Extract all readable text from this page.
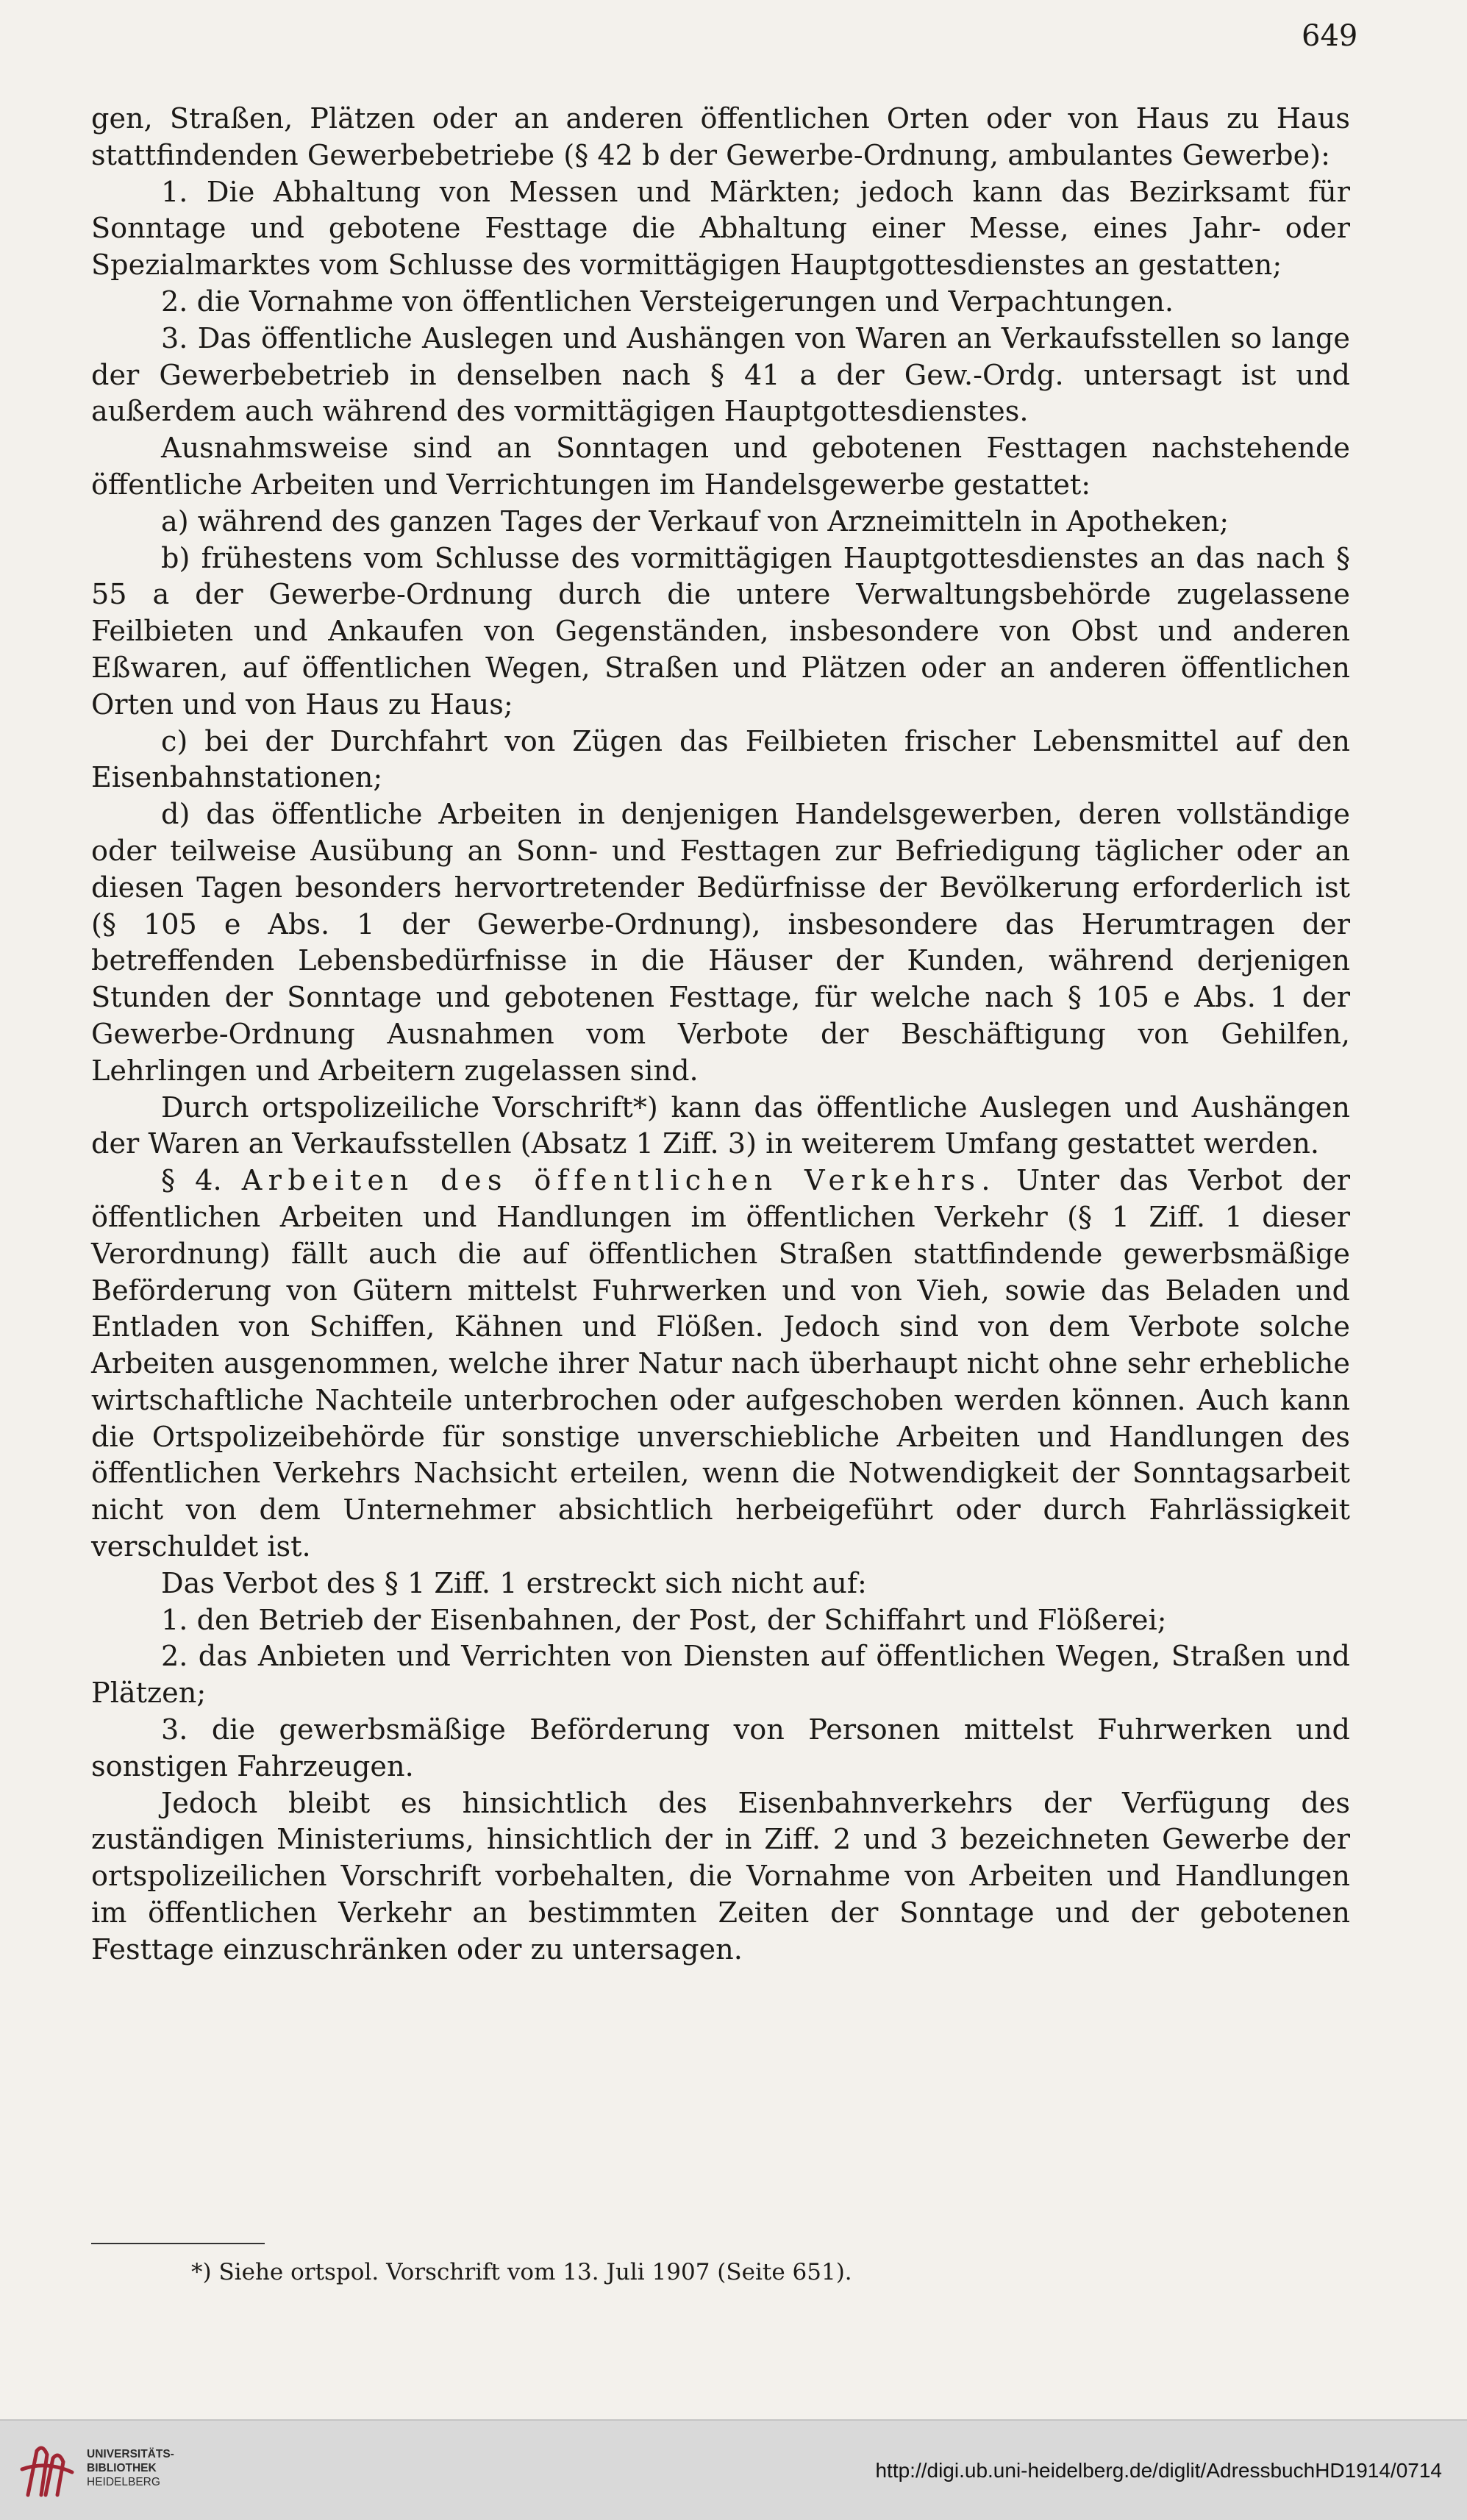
649

gen, Straßen, Plätzen oder an anderen öffentlichen Orten oder von Haus zu Haus stattfindenden Gewerbebetriebe (§ 42 b der Gewerbe-Ordnung, ambulantes Gewerbe):

1. Die Abhaltung von Messen und Märkten; jedoch kann das Bezirksamt für Sonntage und gebotene Festtage die Abhaltung einer Messe, eines Jahr- oder Spezialmarktes vom Schlusse des vormittägigen Hauptgottesdienstes an gestatten;

2. die Vornahme von öffentlichen Versteigerungen und Verpachtungen.

3. Das öffentliche Auslegen und Aushängen von Waren an Verkaufsstellen so lange der Gewerbebetrieb in denselben nach § 41 a der Gew.-Ordg. untersagt ist und außerdem auch während des vormittägigen Hauptgottesdienstes.

Ausnahmsweise sind an Sonntagen und gebotenen Festtagen nachstehende öffentliche Arbeiten und Verrichtungen im Handelsgewerbe gestattet:

a) während des ganzen Tages der Verkauf von Arzneimitteln in Apotheken;

b) frühestens vom Schlusse des vormittägigen Hauptgottesdienstes an das nach § 55 a der Gewerbe-Ordnung durch die untere Verwaltungsbehörde zugelassene Feilbieten und Ankaufen von Gegenständen, insbesondere von Obst und anderen Eßwaren, auf öffentlichen Wegen, Straßen und Plätzen oder an anderen öffentlichen Orten und von Haus zu Haus;

c) bei der Durchfahrt von Zügen das Feilbieten frischer Lebensmittel auf den Eisenbahnstationen;

d) das öffentliche Arbeiten in denjenigen Handelsgewerben, deren vollständige oder teilweise Ausübung an Sonn- und Festtagen zur Befriedigung täglicher oder an diesen Tagen besonders hervortretender Bedürfnisse der Bevölkerung erforderlich ist (§ 105 e Abs. 1 der Gewerbe-Ordnung), insbesondere das Herumtragen der betreffenden Lebensbedürfnisse in die Häuser der Kunden, während derjenigen Stunden der Sonntage und gebotenen Festtage, für welche nach § 105 e Abs. 1 der Gewerbe-Ordnung Ausnahmen vom Verbote der Beschäftigung von Gehilfen, Lehrlingen und Arbeitern zugelassen sind.

Durch ortspolizeiliche Vorschrift*) kann das öffentliche Auslegen und Aushängen der Waren an Verkaufsstellen (Absatz 1 Ziff. 3) in weiterem Umfang gestattet werden.

§ 4. Arbeiten des öffentlichen Verkehrs. Unter das Verbot der öffentlichen Arbeiten und Handlungen im öffentlichen Verkehr (§ 1 Ziff. 1 dieser Verordnung) fällt auch die auf öffentlichen Straßen stattfindende gewerbsmäßige Beförderung von Gütern mittelst Fuhrwerken und von Vieh, sowie das Beladen und Entladen von Schiffen, Kähnen und Flößen. Jedoch sind von dem Verbote solche Arbeiten ausgenommen, welche ihrer Natur nach überhaupt nicht ohne sehr erhebliche wirtschaftliche Nachteile unterbrochen oder aufgeschoben werden können. Auch kann die Ortspolizeibehörde für sonstige unverschiebliche Arbeiten und Handlungen des öffentlichen Verkehrs Nachsicht erteilen, wenn die Notwendigkeit der Sonntagsarbeit nicht von dem Unternehmer absichtlich herbeigeführt oder durch Fahrlässigkeit verschuldet ist.

Das Verbot des § 1 Ziff. 1 erstreckt sich nicht auf:

1. den Betrieb der Eisenbahnen, der Post, der Schiffahrt und Flößerei;

2. das Anbieten und Verrichten von Diensten auf öffentlichen Wegen, Straßen und Plätzen;

3. die gewerbsmäßige Beförderung von Personen mittelst Fuhrwerken und sonstigen Fahrzeugen.

Jedoch bleibt es hinsichtlich des Eisenbahnverkehrs der Verfügung des zuständigen Ministeriums, hinsichtlich der in Ziff. 2 und 3 bezeichneten Gewerbe der ortspolizeilichen Vorschrift vorbehalten, die Vornahme von Arbeiten und Handlungen im öffentlichen Verkehr an bestimmten Zeiten der Sonntage und der gebotenen Festtage einzuschränken oder zu untersagen.

*) Siehe ortspol. Vorschrift vom 13. Juli 1907 (Seite 651).
UNIVERSITÄTS-
BIBLIOTHEK
HEIDELBERG
http://digi.ub.uni-heidelberg.de/diglit/AdressbuchHD1914/0714
